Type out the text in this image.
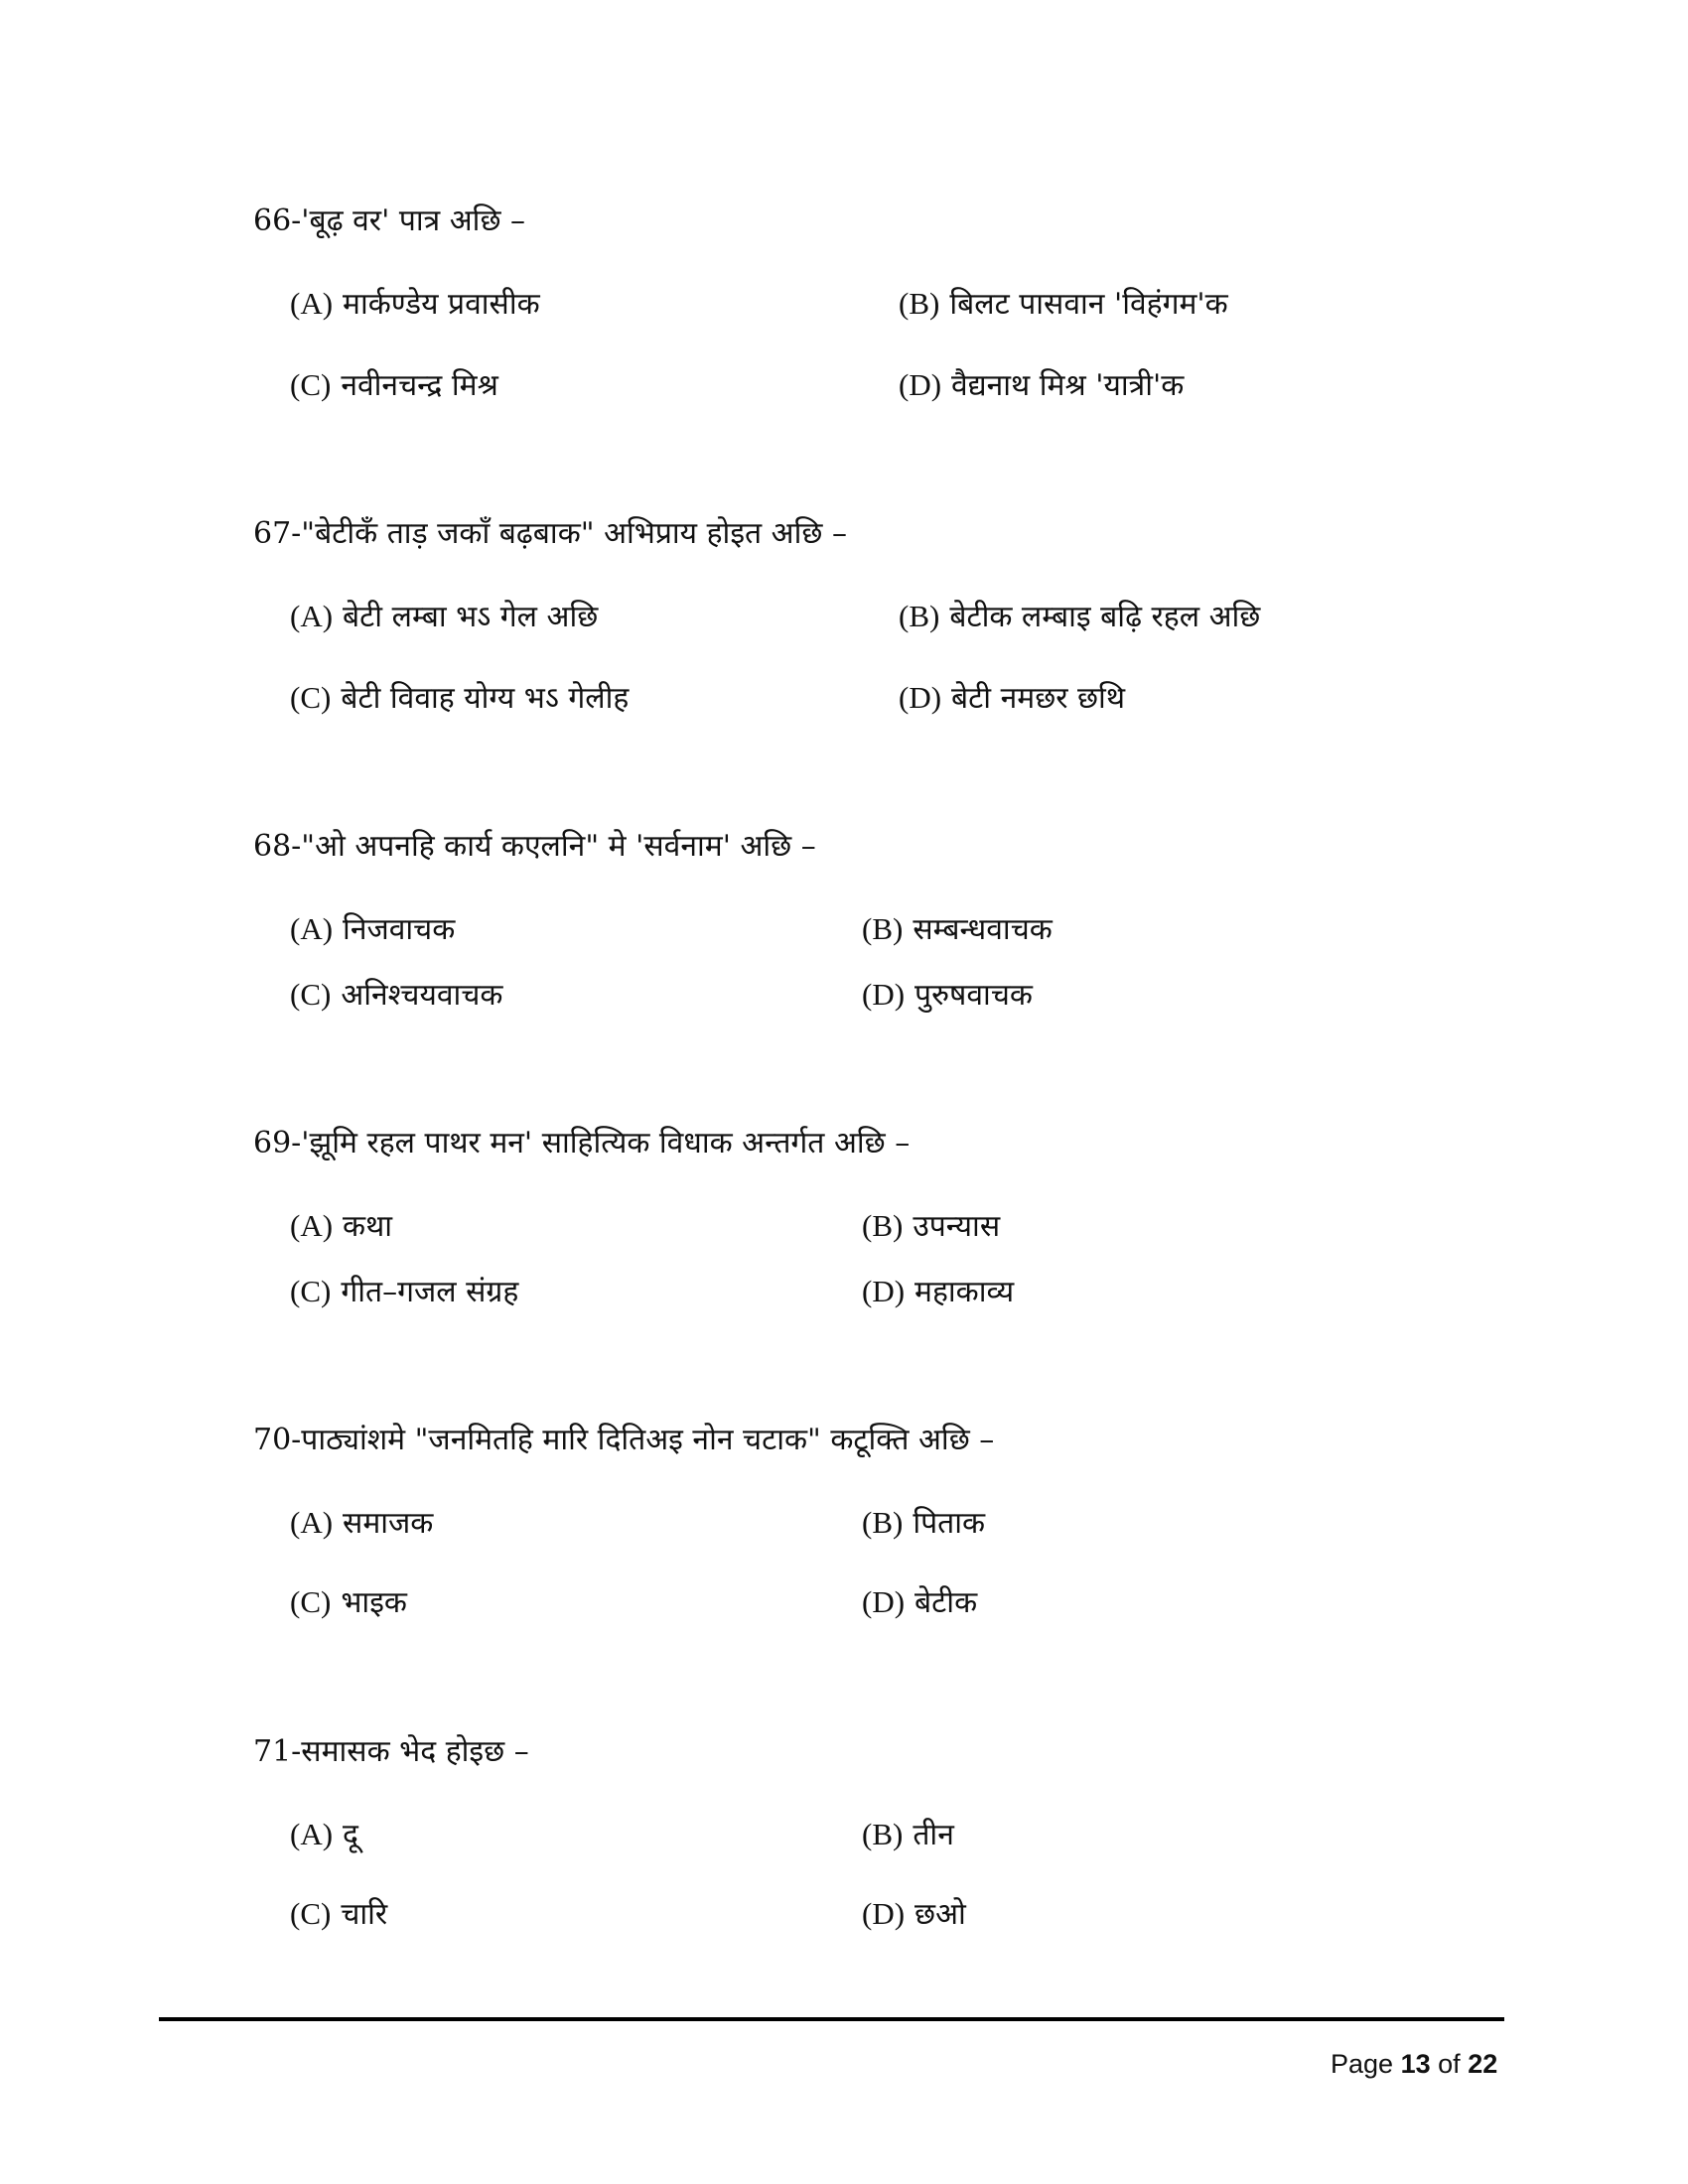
66-'बूढ़ वर' पात्र अछि –
(A) मार्कण्डेय प्रवासीक	(B) बिलट पासवान 'विहंगम'क
(C) नवीनचन्द्र मिश्र	(D) वैद्यनाथ मिश्र 'यात्री'क
67-"बेटीकँ ताड़ जकाँ बढ़बाक" अभिप्राय होइत अछि –
(A) बेटी लम्बा भऽ गेल अछि	(B) बेटीक लम्बाइ बढ़ि रहल अछि
(C) बेटी विवाह योग्य भऽ गेलीह	(D) बेटी नमछर छथि
68-"ओ अपनहि कार्य कएलनि" मे 'सर्वनाम' अछि –
(A) निजवाचक	(B) सम्बन्धवाचक
(C) अनिश्चयवाचक	(D) पुरुषवाचक
69-'झूमि रहल पाथर मन' साहित्यिक विधाक अन्तर्गत अछि –
(A) कथा	(B) उपन्यास
(C) गीत–गजल संग्रह	(D) महाकाव्य
70-पाठ्यांशमे "जनमितहि मारि दितिअइ नोन चटाक" कटूक्ति अछि –
(A) समाजक	(B) पिताक
(C) भाइक	(D) बेटीक
71-समासक भेद होइछ –
(A) दू	(B) तीन
(C) चारि	(D) छओ
Page 13 of 22
